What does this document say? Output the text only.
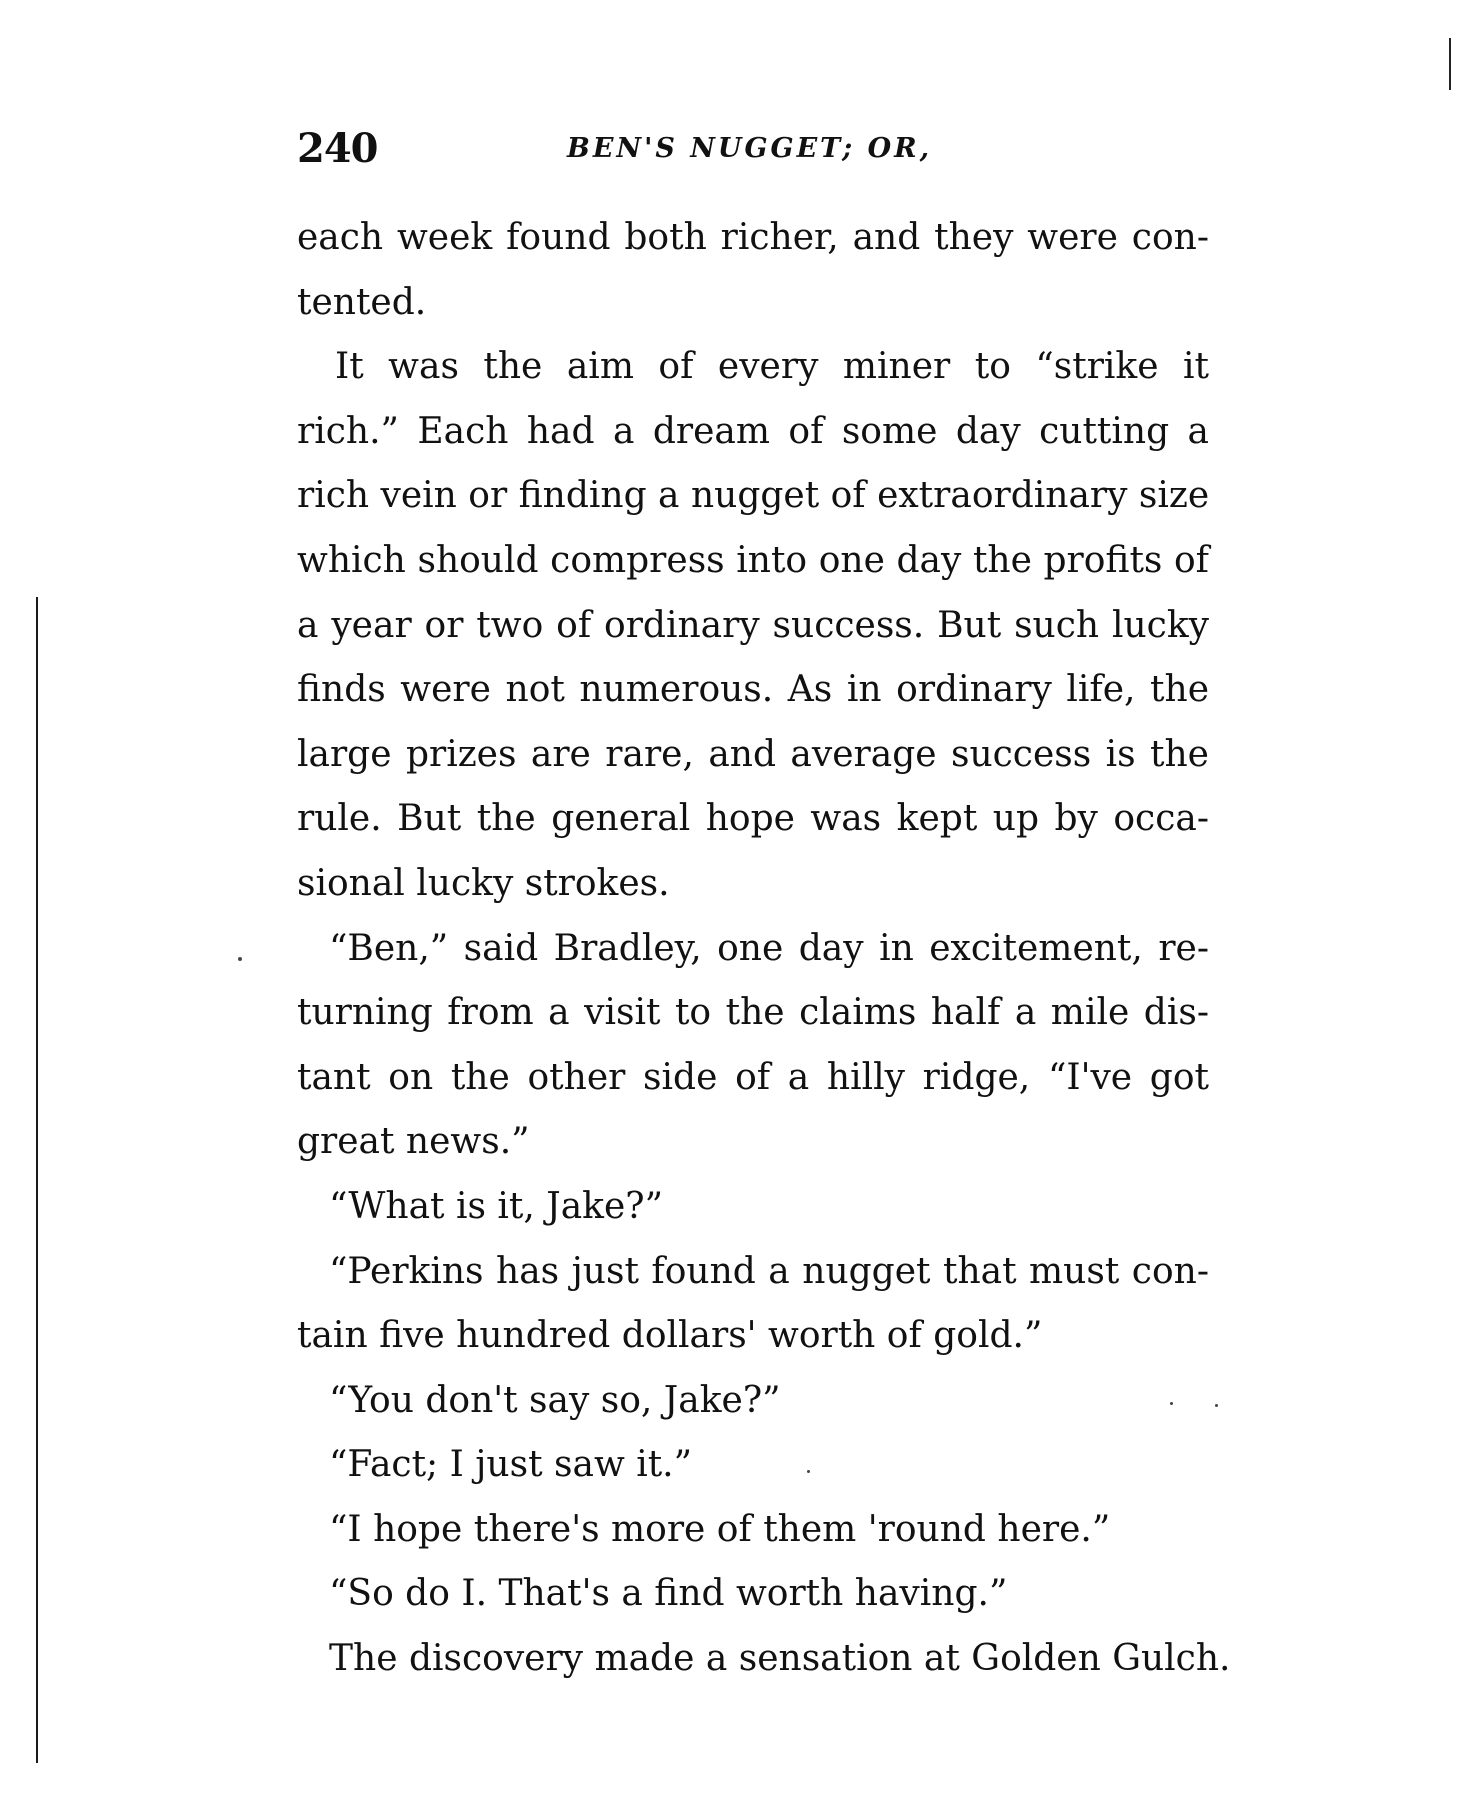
240	BEN'S NUGGET; OR,
each week found both richer, and they were con-
tented.
It was the aim of every miner to “strike it
rich.” Each had a dream of some day cutting a
rich vein or finding a nugget of extraordinary size
which should compress into one day the profits of
a year or two of ordinary success. But such lucky
finds were not numerous. As in ordinary life, the
large prizes are rare, and average success is the
rule. But the general hope was kept up by occa-
sional lucky strokes.
“Ben,” said Bradley, one day in excitement, re-
turning from a visit to the claims half a mile dis-
tant on the other side of a hilly ridge, “I've got
great news.”
“What is it, Jake?”
“Perkins has just found a nugget that must con-
tain five hundred dollars' worth of gold.”
“You don't say so, Jake?”
“Fact; I just saw it.”
“I hope there's more of them 'round here.”
“So do I. That's a find worth having.”
The discovery made a sensation at Golden Gulch.
